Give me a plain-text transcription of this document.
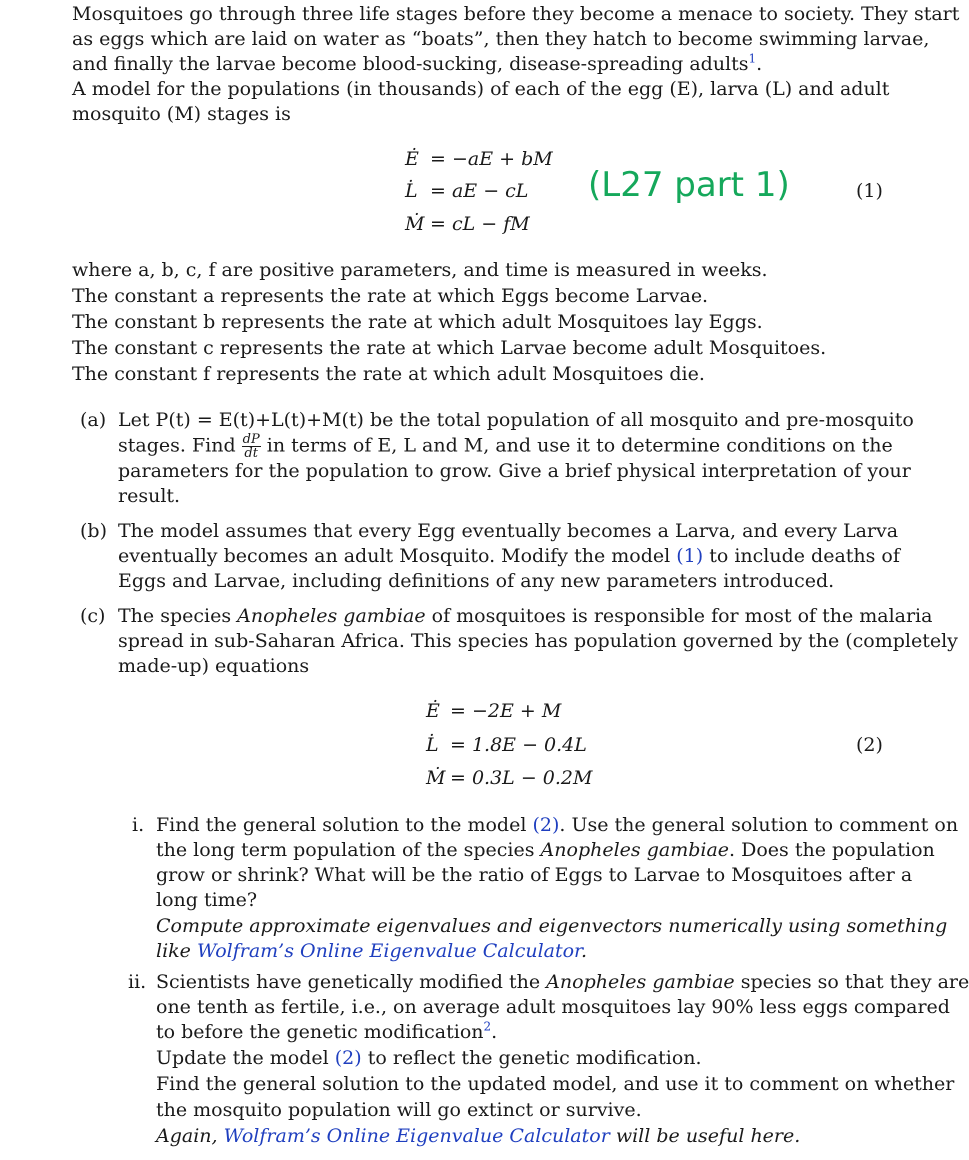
Mosquitoes go through three life stages before they become a menace to society. They start
as eggs which are laid on water as “boats”, then they hatch to become swimming larvae,
and finally the larvae become blood-sucking, disease-spreading adults$^1$.
A model for the populations (in thousands) of each of the egg (E), larva (L) and adult
mosquito (M) stages is
Ė = −aE + bM
L̇ = aE − cL
Ṁ = cL − fM
(L27 part 1)	(1)
where a, b, c, f are positive parameters, and time is measured in weeks.
The constant a represents the rate at which Eggs become Larvae.
The constant b represents the rate at which adult Mosquitoes lay Eggs.
The constant c represents the rate at which Larvae become adult Mosquitoes.
The constant f represents the rate at which adult Mosquitoes die.
(a) Let P(t) = E(t)+L(t)+M(t) be the total population of all mosquito and pre-mosquito
stages. Find $\frac{dP}{dt}$ in terms of E, L and M, and use it to determine conditions on the
parameters for the population to grow. Give a brief physical interpretation of your
result.
(b) The model assumes that every Egg eventually becomes a Larva, and every Larva
eventually becomes an adult Mosquito. Modify the model (1) to include deaths of
Eggs and Larvae, including definitions of any new parameters introduced.
(c) The species Anopheles gambiae of mosquitoes is responsible for most of the malaria
spread in sub-Saharan Africa. This species has population governed by the (completely
made-up) equations
Ė = −2E + M
L̇ = 1.8E − 0.4L
Ṁ = 0.3L − 0.2M
(2)
i. Find the general solution to the model (2). Use the general solution to comment on
the long term population of the species Anopheles gambiae. Does the population
grow or shrink? What will be the ratio of Eggs to Larvae to Mosquitoes after a
long time?
Compute approximate eigenvalues and eigenvectors numerically using something
like Wolfram’s Online Eigenvalue Calculator.
ii. Scientists have genetically modified the Anopheles gambiae species so that they are
one tenth as fertile, i.e., on average adult mosquitoes lay 90% less eggs compared
to before the genetic modification$^2$.
Update the model (2) to reflect the genetic modification.
Find the general solution to the updated model, and use it to comment on whether
the mosquito population will go extinct or survive.
Again, Wolfram’s Online Eigenvalue Calculator will be useful here.
